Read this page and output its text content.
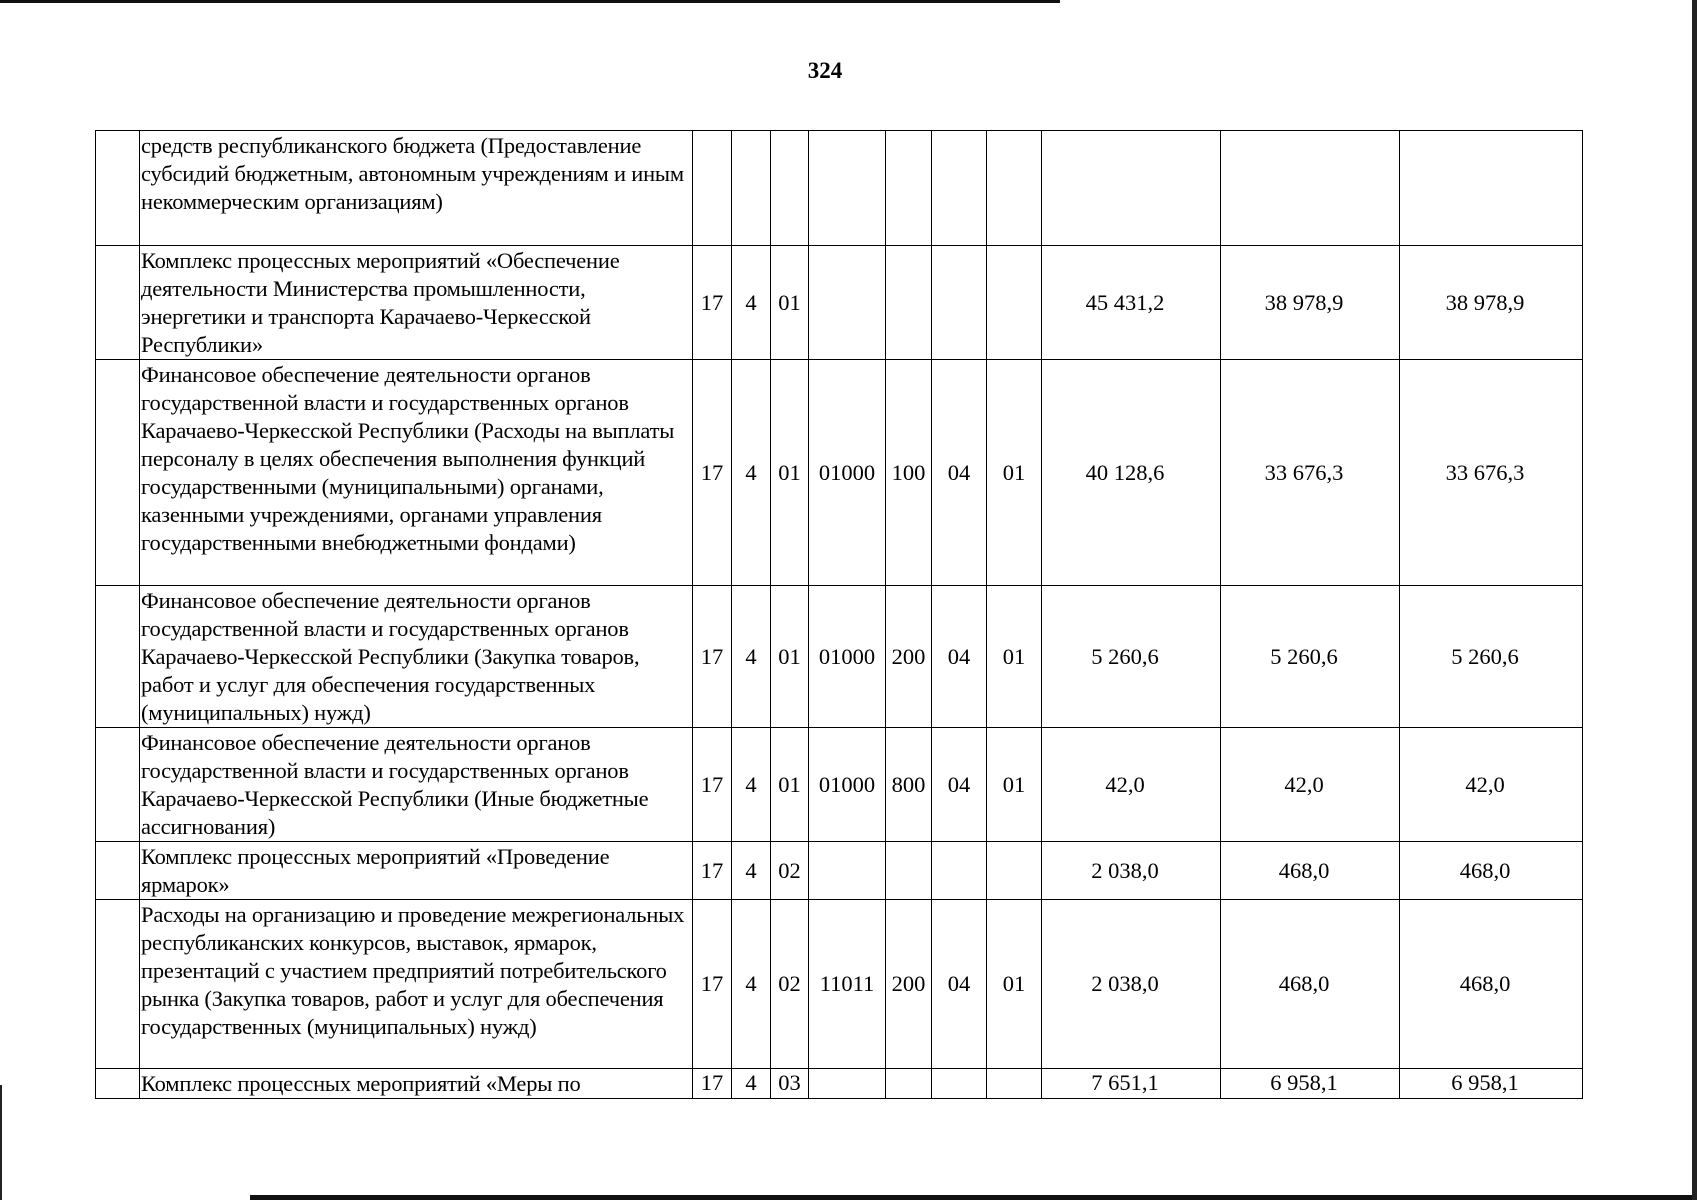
324
	средств республиканского бюджета (Предоставление субсидий бюджетным, автономным учреждениям и иным некоммерческим организациям)										
	Комплекс процессных мероприятий «Обеспечение деятельности Министерства промышленности, энергетики и транспорта Карачаево-Черкесской Республики»	17	4	01					45 431,2	38 978,9	38 978,9
	Финансовое обеспечение деятельности органов государственной власти и государственных органов Карачаево-Черкесской Республики (Расходы на выплаты персоналу в целях обеспечения выполнения функций государственными (муниципальными) органами, казенными учреждениями, органами управления государственными внебюджетными фондами)	17	4	01	01000	100	04	01	40 128,6	33 676,3	33 676,3
	Финансовое обеспечение деятельности органов государственной власти и государственных органов Карачаево-Черкесской Республики (Закупка товаров, работ и услуг для обеспечения государственных (муниципальных) нужд)	17	4	01	01000	200	04	01	5 260,6	5 260,6	5 260,6
	Финансовое обеспечение деятельности органов государственной власти и государственных органов Карачаево-Черкесской Республики (Иные бюджетные ассигнования)	17	4	01	01000	800	04	01	42,0	42,0	42,0
	Комплекс процессных мероприятий «Проведение ярмарок»	17	4	02					2 038,0	468,0	468,0
	Расходы на организацию и проведение межрегиональных республиканских конкурсов, выставок, ярмарок, презентаций с участием предприятий потребительского рынка (Закупка товаров, работ и услуг для обеспечения государственных (муниципальных) нужд)	17	4	02	11011	200	04	01	2 038,0	468,0	468,0
	Комплекс процессных мероприятий «Меры по	17	4	03					7 651,1	6 958,1	6 958,1
